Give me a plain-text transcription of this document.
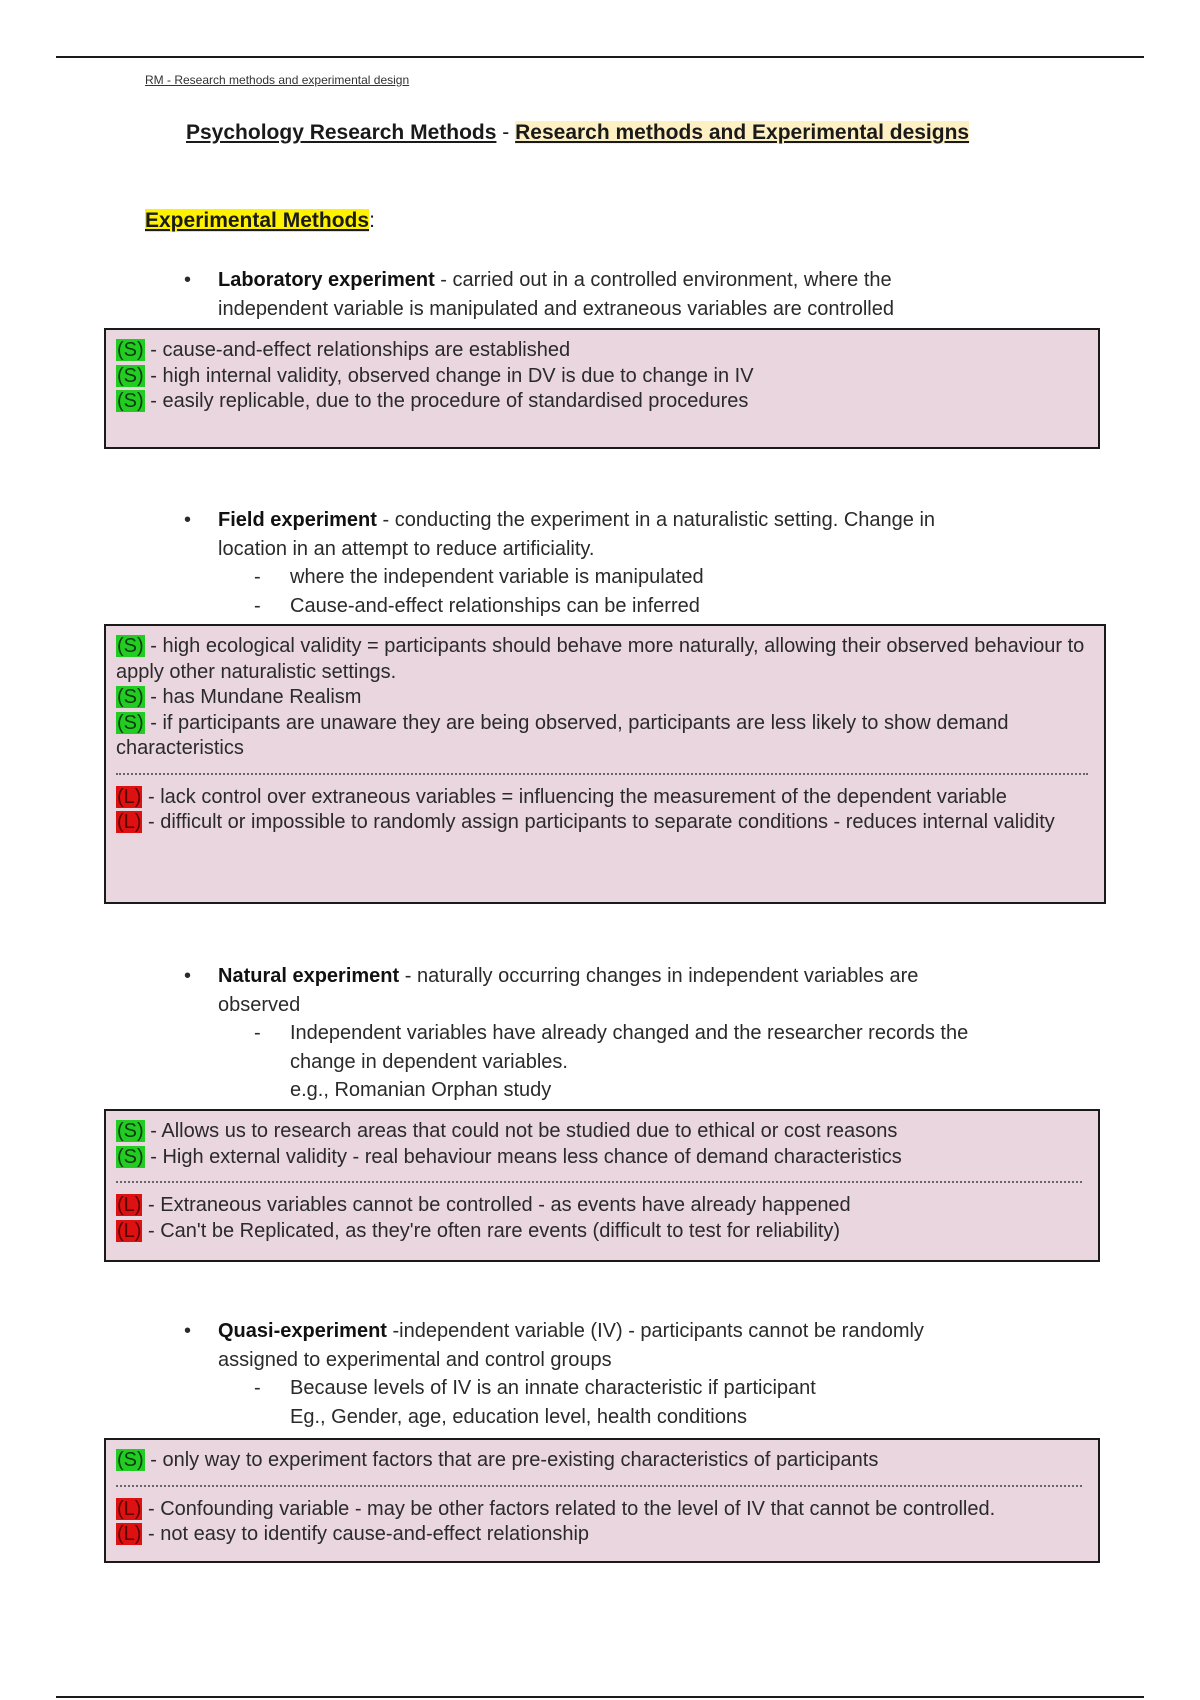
RM - Research methods and experimental design
Psychology Research Methods - Research methods and Experimental designs
Experimental Methods:
• Laboratory experiment - carried out in a controlled environment, where the
independent variable is manipulated and extraneous variables are controlled
(S) - cause-and-effect relationships are established
(S) - high internal validity, observed change in DV is due to change in IV
(S) - easily replicable, due to the procedure of standardised procedures
• Field experiment - conducting the experiment in a naturalistic setting. Change in
location in an attempt to reduce artificiality.
- where the independent variable is manipulated
- Cause-and-effect relationships can be inferred
(S) - high ecological validity = participants should behave more naturally, allowing their observed behaviour to apply other naturalistic settings.
(S) - has Mundane Realism
(S) - if participants are unaware they are being observed, participants are less likely to show demand characteristics
(L) - lack control over extraneous variables = influencing the measurement of the dependent variable
(L) - difficult or impossible to randomly assign participants to separate conditions - reduces internal validity
• Natural experiment - naturally occurring changes in independent variables are
observed
- Independent variables have already changed and the researcher records the
change in dependent variables.
e.g., Romanian Orphan study
(S) - Allows us to research areas that could not be studied due to ethical or cost reasons
(S) - High external validity - real behaviour means less chance of demand characteristics
(L) - Extraneous variables cannot be controlled - as events have already happened
(L) - Can't be Replicated, as they're often rare events (difficult to test for reliability)
• Quasi-experiment -independent variable (IV) - participants cannot be randomly
assigned to experimental and control groups
- Because levels of IV is an innate characteristic if participant
Eg., Gender, age, education level, health conditions
(S) - only way to experiment factors that are pre-existing characteristics of participants
(L) - Confounding variable - may be other factors related to the level of IV that cannot be controlled.
(L) - not easy to identify cause-and-effect relationship
